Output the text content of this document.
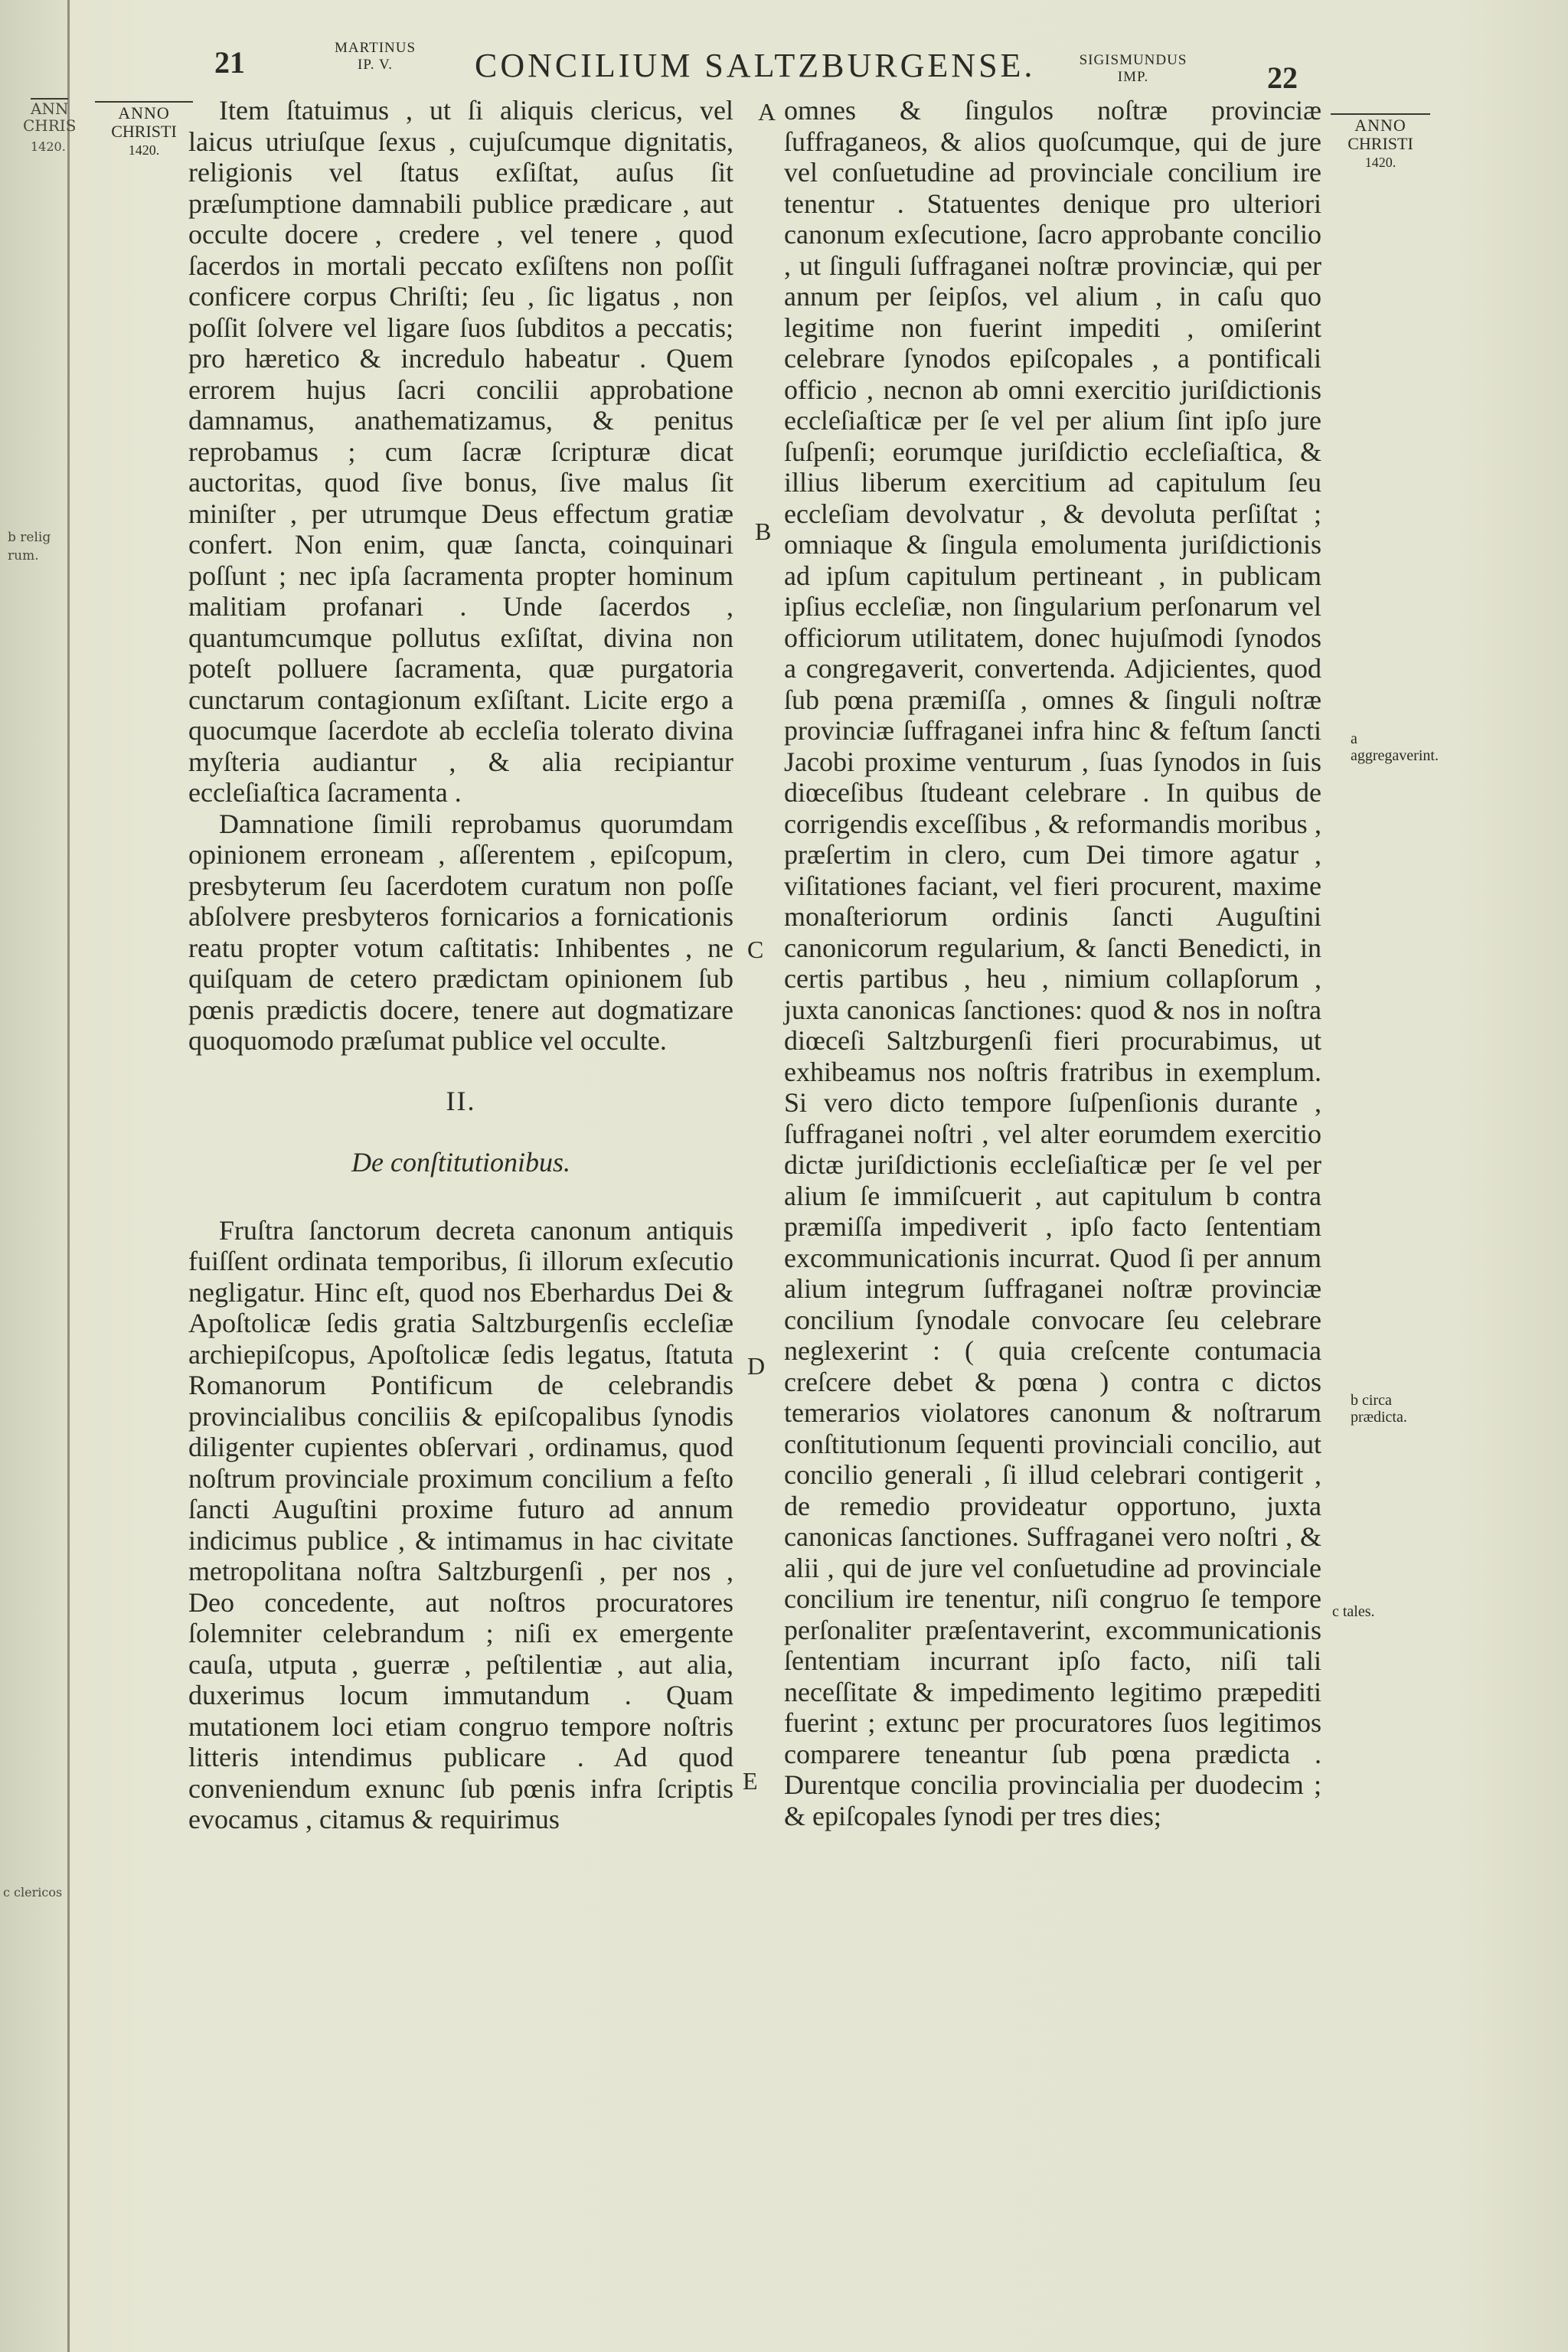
ANN
CHRIS
1420.
b relig rum.
c clericos
21	MARTINUS
IP. V.	CONCILIUM SALTZBURGENSE.	SIGISMUNDUS
IMP.	22
ANNO
CHRISTI
1420.
ANNO
CHRISTI
1420.

Item ſtatuimus , ut ſi aliquis clericus, vel laicus utriuſque ſexus , cujuſcumque dignitatis, religionis vel ſtatus exſiſtat, auſus ſit præſumptione damnabili publice prædicare , aut occulte docere , credere , vel tenere , quod ſacerdos in mortali peccato exſiſtens non poſſit conficere corpus Chriſti; ſeu , ſic ligatus , non poſſit ſolvere vel ligare ſuos ſubditos a peccatis; pro hæretico & incredulo habeatur . Quem errorem hujus ſacri concilii approbatione damnamus, anathematizamus, & penitus reprobamus ; cum ſacræ ſcripturæ dicat auctoritas, quod ſive bonus, ſive malus ſit miniſter , per utrumque Deus effectum gratiæ confert. Non enim, quæ ſancta, coinquinari poſſunt ; nec ipſa ſacramenta propter hominum malitiam profanari . Unde ſacerdos , quantumcumque pollutus exſiſtat, divina non poteſt polluere ſacramenta, quæ purgatoria cunctarum contagionum exſiſtant. Licite ergo a quocumque ſacerdote ab eccleſia tolerato divina myſteria audiantur , & alia recipiantur eccleſiaſtica ſacramenta .

Damnatione ſimili reprobamus quorumdam opinionem erroneam , aſſerentem , epiſcopum, presbyterum ſeu ſacerdotem curatum non poſſe abſolvere presbyteros fornicarios a fornicationis reatu propter votum caſtitatis: Inhibentes , ne quiſquam de cetero prædictam opinionem ſub pœnis prædictis docere, tenere aut dogmatizare quoquomodo præſumat publice vel occulte.

II.

De conſtitutionibus.

Fruſtra ſanctorum decreta canonum antiquis fuiſſent ordinata temporibus, ſi illorum exſecutio negligatur. Hinc eſt, quod nos Eberhardus Dei & Apoſtolicæ ſedis gratia Saltzburgenſis eccleſiæ archiepiſcopus, Apoſtolicæ ſedis legatus, ſtatuta Romanorum Pontificum de celebrandis provincialibus conciliis & epiſcopalibus ſynodis diligenter cupientes obſervari , ordinamus, quod noſtrum provinciale proximum concilium a feſto ſancti Auguſtini proxime futuro ad annum indicimus publice , & intimamus in hac civitate metropolitana noſtra Saltzburgenſi , per nos , Deo concedente, aut noſtros procuratores ſolemniter celebrandum ; niſi ex emergente cauſa, utputa , guerræ , peſtilentiæ , aut alia, duxerimus locum immutandum . Quam mutationem loci etiam congruo tempore noſtris litteris intendimus publicare . Ad quod conveniendum exnunc ſub pœnis infra ſcriptis evocamus , citamus & requirimus

A
B
C
D
E

omnes & ſingulos noſtræ provinciæ ſuffraganeos, & alios quoſcumque, qui de jure vel conſuetudine ad provinciale concilium ire tenentur . Statuentes denique pro ulteriori canonum exſecutione, ſacro approbante concilio , ut ſinguli ſuffraganei noſtræ provinciæ, qui per annum per ſeipſos, vel alium , in caſu quo legitime non fuerint impediti , omiſerint celebrare ſynodos epiſcopales , a pontificali officio , necnon ab omni exercitio juriſdictionis eccleſiaſticæ per ſe vel per alium ſint ipſo jure ſuſpenſi; eorumque juriſdictio eccleſiaſtica, & illius liberum exercitium ad capitulum ſeu eccleſiam devolvatur , & devoluta perſiſtat ; omniaque & ſingula emolumenta juriſdictionis ad ipſum capitulum pertineant , in publicam ipſius eccleſiæ, non ſingularium perſonarum vel officiorum utilitatem, donec hujuſmodi ſynodos a congregaverit, convertenda. Adjicientes, quod ſub pœna præmiſſa , omnes & ſinguli noſtræ provinciæ ſuffraganei infra hinc & feſtum ſancti Jacobi proxime venturum , ſuas ſynodos in ſuis diœceſibus ſtudeant celebrare . In quibus de corrigendis exceſſibus , & reformandis moribus , præſertim in clero, cum Dei timore agatur , viſitationes faciant, vel fieri procurent, maxime monaſteriorum ordinis ſancti Auguſtini canonicorum regularium, & ſancti Benedicti, in certis partibus , heu , nimium collapſorum , juxta canonicas ſanctiones: quod & nos in noſtra diœceſi Saltzburgenſi fieri procurabimus, ut exhibeamus nos noſtris fratribus in exemplum. Si vero dicto tempore ſuſpenſionis durante , ſuffraganei noſtri , vel alter eorumdem exercitio dictæ juriſdictionis eccleſiaſticæ per ſe vel per alium ſe immiſcuerit , aut capitulum b contra præmiſſa impediverit , ipſo facto ſententiam excommunicationis incurrat. Quod ſi per annum alium integrum ſuffraganei noſtræ provinciæ concilium ſynodale convocare ſeu celebrare neglexerint : ( quia creſcente contumacia creſcere debet & pœna ) contra c dictos temerarios violatores canonum & noſtrarum conſtitutionum ſequenti provinciali concilio, aut concilio generali , ſi illud celebrari contigerit , de remedio provideatur opportuno, juxta canonicas ſanctiones. Suffraganei vero noſtri , & alii , qui de jure vel conſuetudine ad provinciale concilium ire tenentur, niſi congruo ſe tempore perſonaliter præſentaverint, excommunicationis ſententiam incurrant ipſo facto, niſi tali neceſſitate & impedimento legitimo præpediti fuerint ; extunc per procuratores ſuos legitimos comparere teneantur ſub pœna prædicta . Durentque concilia provincialia per duodecim ; & epiſcopales ſynodi per tres dies;

a aggregaverint.
b circa prædicta.
c tales.
